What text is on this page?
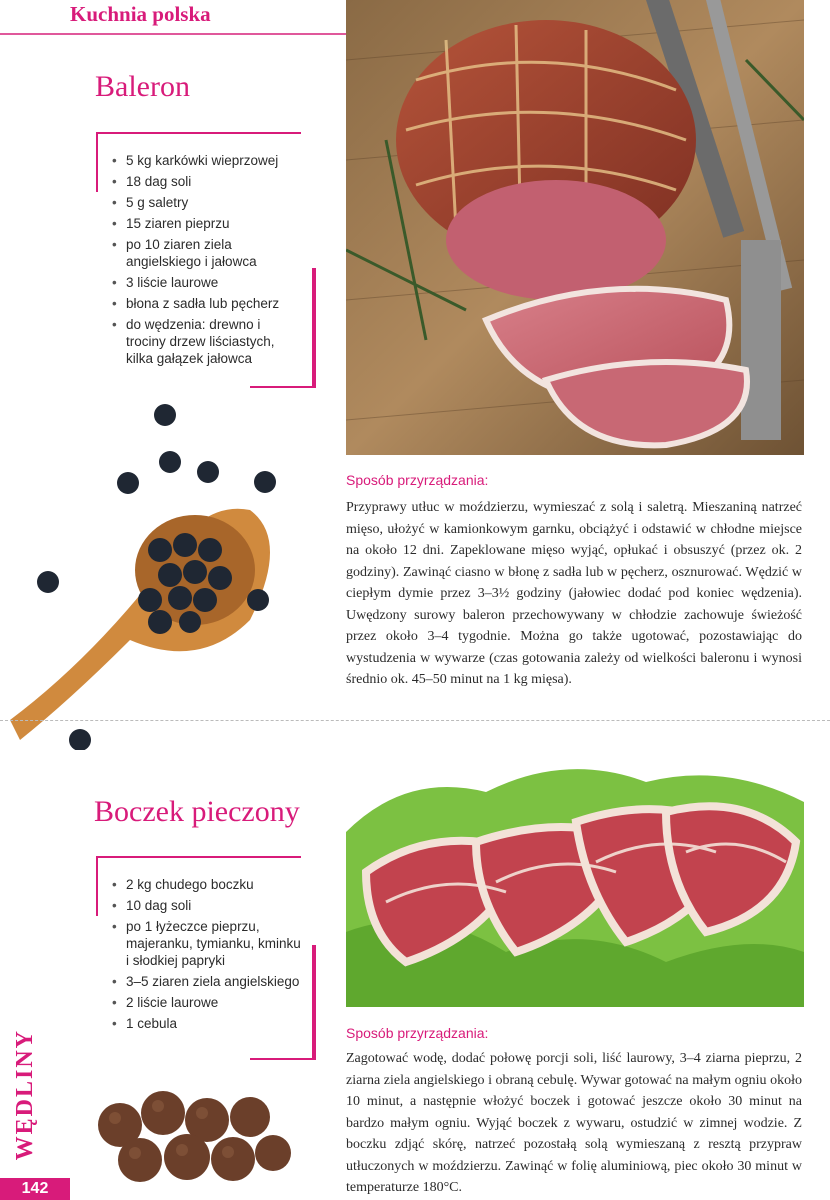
Kuchnia polska
Baleron
• 5 kg karkówki wieprzowej
• 18 dag soli
• 5 g saletry
• 15 ziaren pieprzu
• po 10 ziaren ziela angielskiego i jałowca
• 3 liście laurowe
• błona z sadła lub pęcherz
• do wędzenia: drewno i trociny drzew liściastych, kilka gałązek jałowca
Sposób przyrządzania:
Przyprawy utłuc w moździerzu, wymieszać z solą i saletrą. Mieszaniną natrzeć mięso, ułożyć w kamionkowym garnku, obciążyć i odstawić w chłodne miejsce na około 12 dni. Zapeklowane mięso wyjąć, opłukać i obsuszyć (przez ok. 2 godziny). Zawinąć ciasno w błonę z sadła lub w pęcherz, osznurować. Wędzić w ciepłym dymie przez 3–3½ godziny (jałowiec dodać pod koniec wędzenia). Uwędzony surowy baleron przechowywany w chłodzie zachowuje świeżość przez około 3–4 tygodnie. Można go także ugotować, pozostawiając do wystudzenia w wywarze (czas gotowania zależy od wielkości baleronu i wynosi średnio ok. 45–50 minut na 1 kg mięsa).
Boczek pieczony
• 2 kg chudego boczku
• 10 dag soli
• po 1 łyżeczce pieprzu, majeranku, tymianku, kminku i słodkiej papryki
• 3–5 ziaren ziela angielskiego
• 2 liście laurowe
• 1 cebula
Sposób przyrządzania:
Zagotować wodę, dodać połowę porcji soli, liść laurowy, 3–4 ziarna pieprzu, 2 ziarna ziela angielskiego i obraną cebulę. Wywar gotować na małym ogniu około 10 minut, a następnie włożyć boczek i gotować jeszcze około 30 minut na bardzo małym ogniu. Wyjąć boczek z wywaru, ostudzić w zimnej wodzie. Z boczku zdjąć skórę, natrzeć pozostałą solą wymieszaną z resztą przypraw utłuczonych w moździerzu. Zawinąć w folię aluminiową, piec około 30 minut w temperaturze 180°C.
WĘDLINY
142
